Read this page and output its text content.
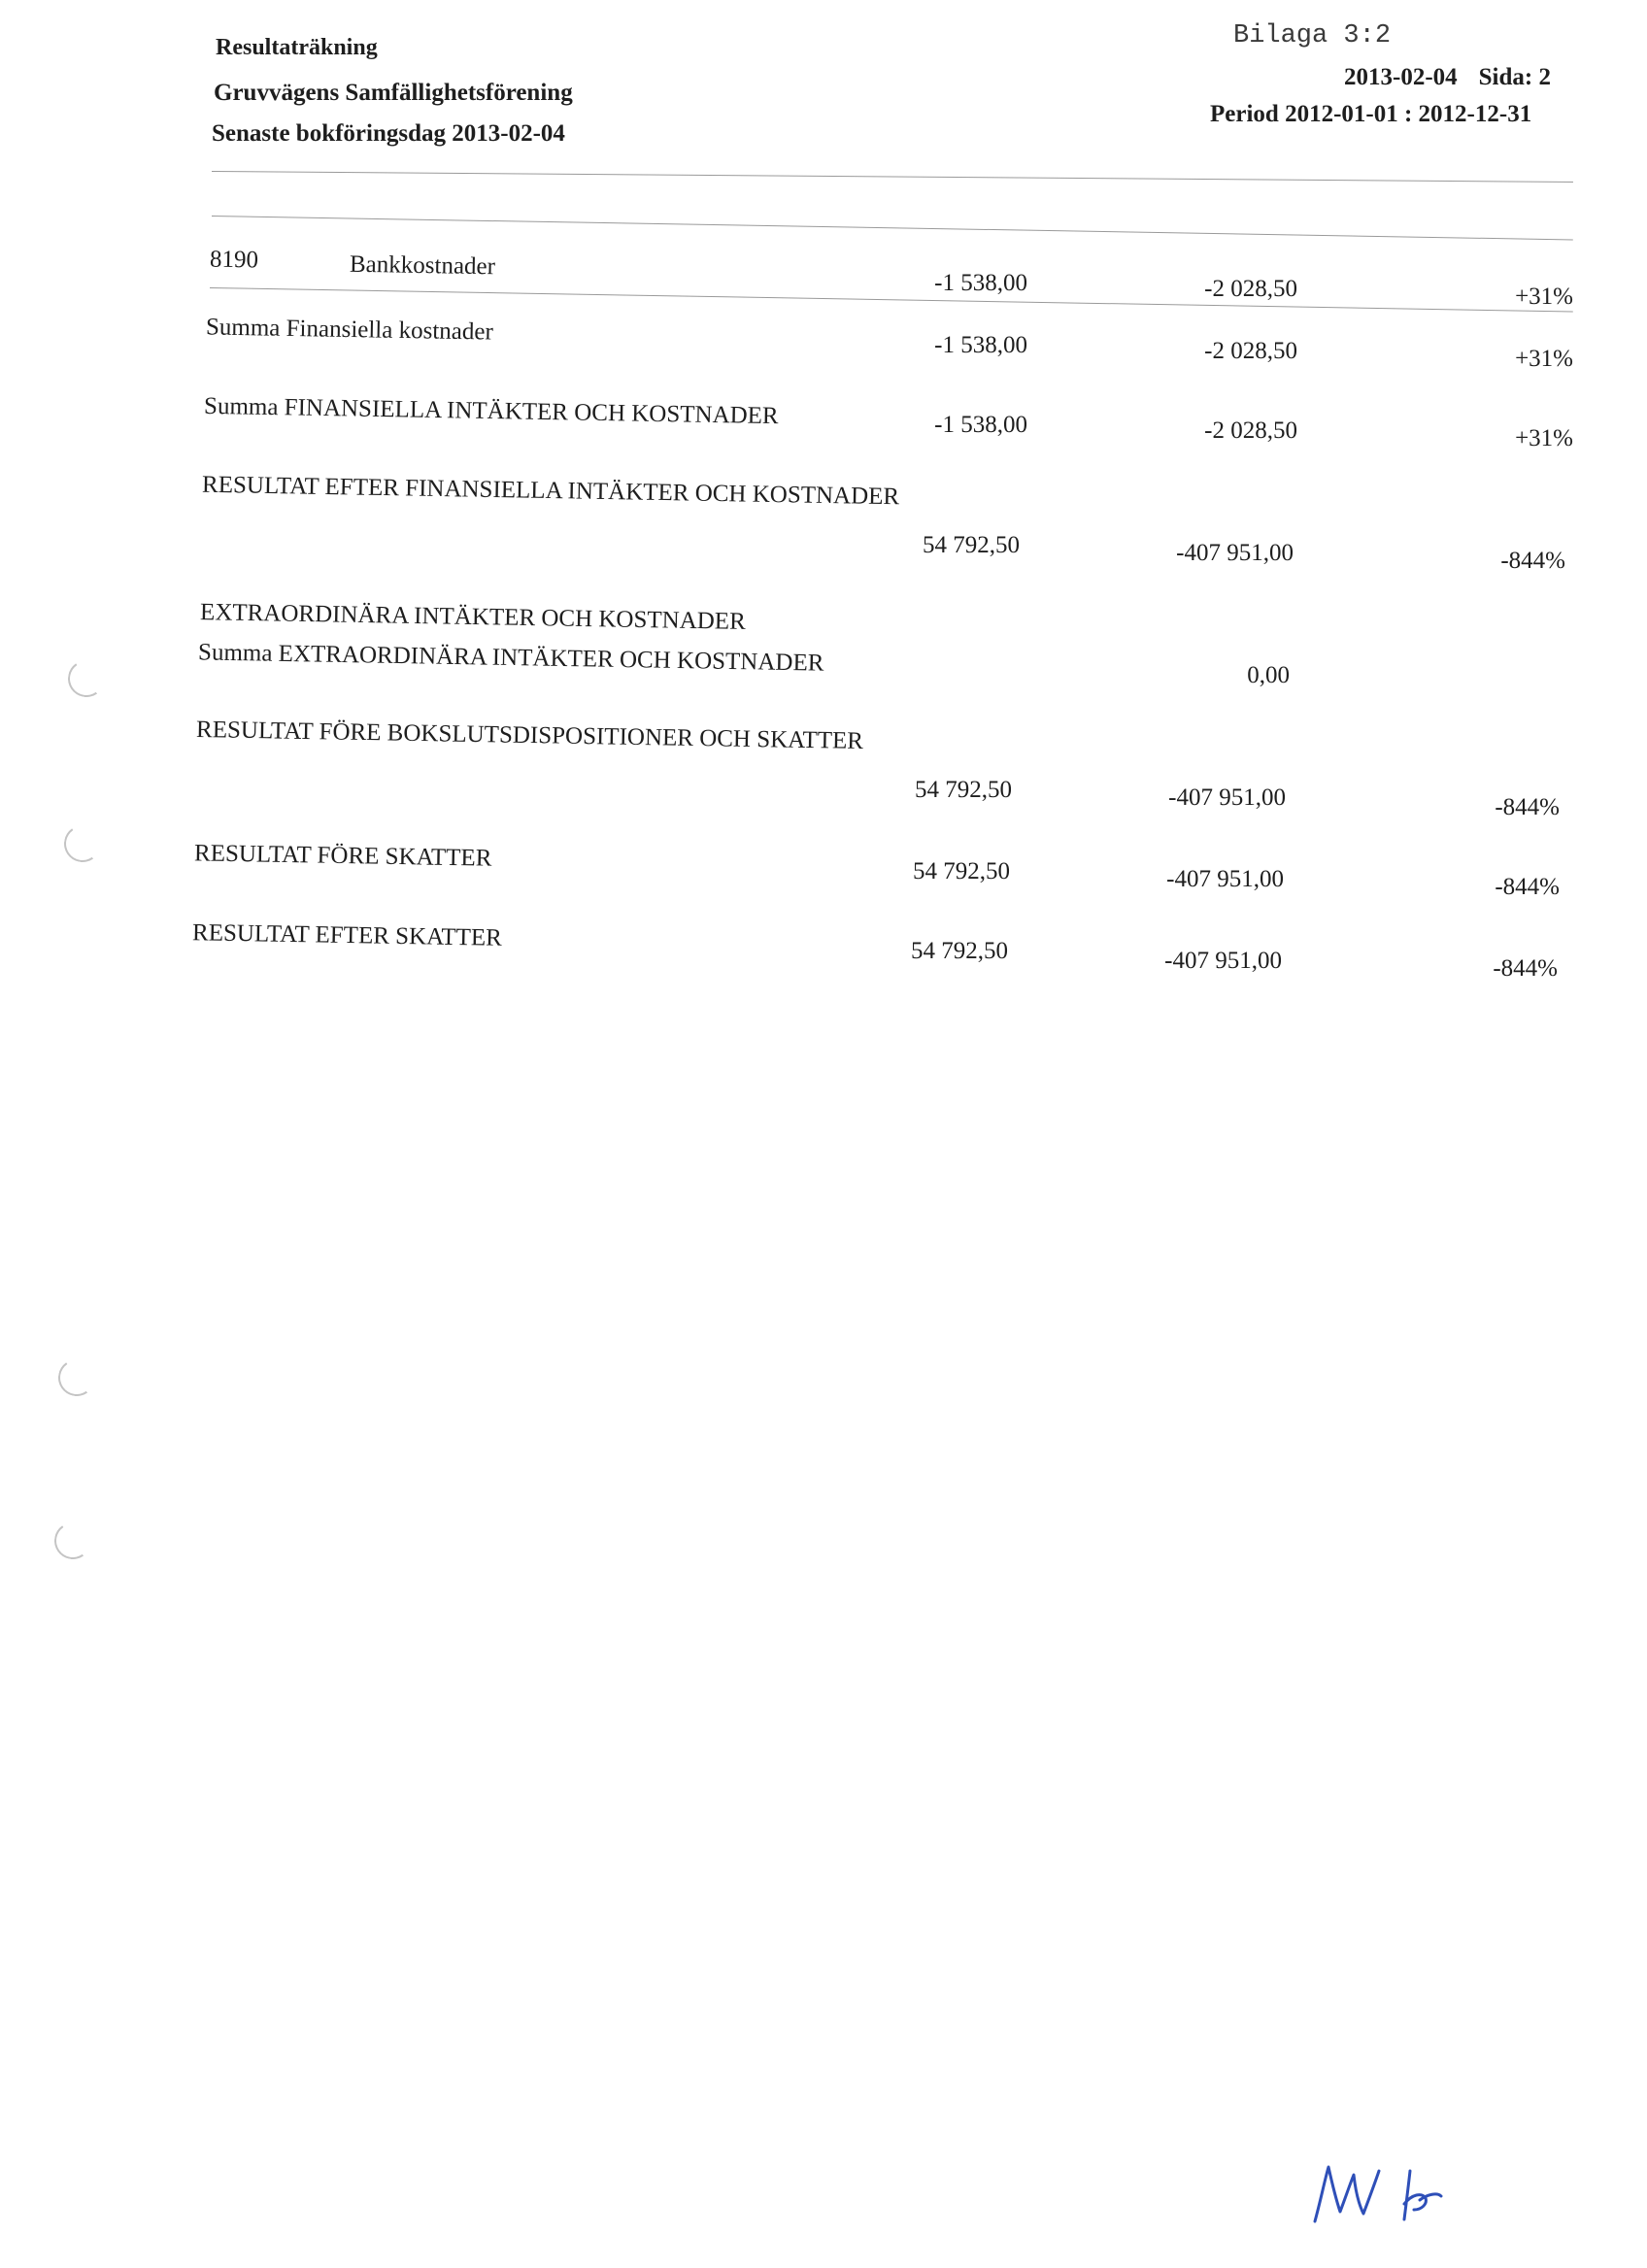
Resultaträkning
Gruvvägens Samfällighetsförening
Senaste bokföringsdag 2013-02-04
Bilaga 3:2
2013-02-04 Sida: 2
Period 2012-01-01 : 2012-12-31
8190	Bankkostnader
-1 538,00	-2 028,50	+31%
Summa Finansiella kostnader	-1 538,00	-2 028,50	+31%
Summa FINANSIELLA INTÄKTER OCH KOSTNADER	-1 538,00	-2 028,50	+31%
RESULTAT EFTER FINANSIELLA INTÄKTER OCH KOSTNADER
54 792,50	-407 951,00	-844%
EXTRAORDINÄRA INTÄKTER OCH KOSTNADER
Summa EXTRAORDINÄRA INTÄKTER OCH KOSTNADER	0,00
RESULTAT FÖRE BOKSLUTSDISPOSITIONER OCH SKATTER
54 792,50	-407 951,00	-844%
RESULTAT FÖRE SKATTER	54 792,50	-407 951,00	-844%
RESULTAT EFTER SKATTER	54 792,50	-407 951,00	-844%
